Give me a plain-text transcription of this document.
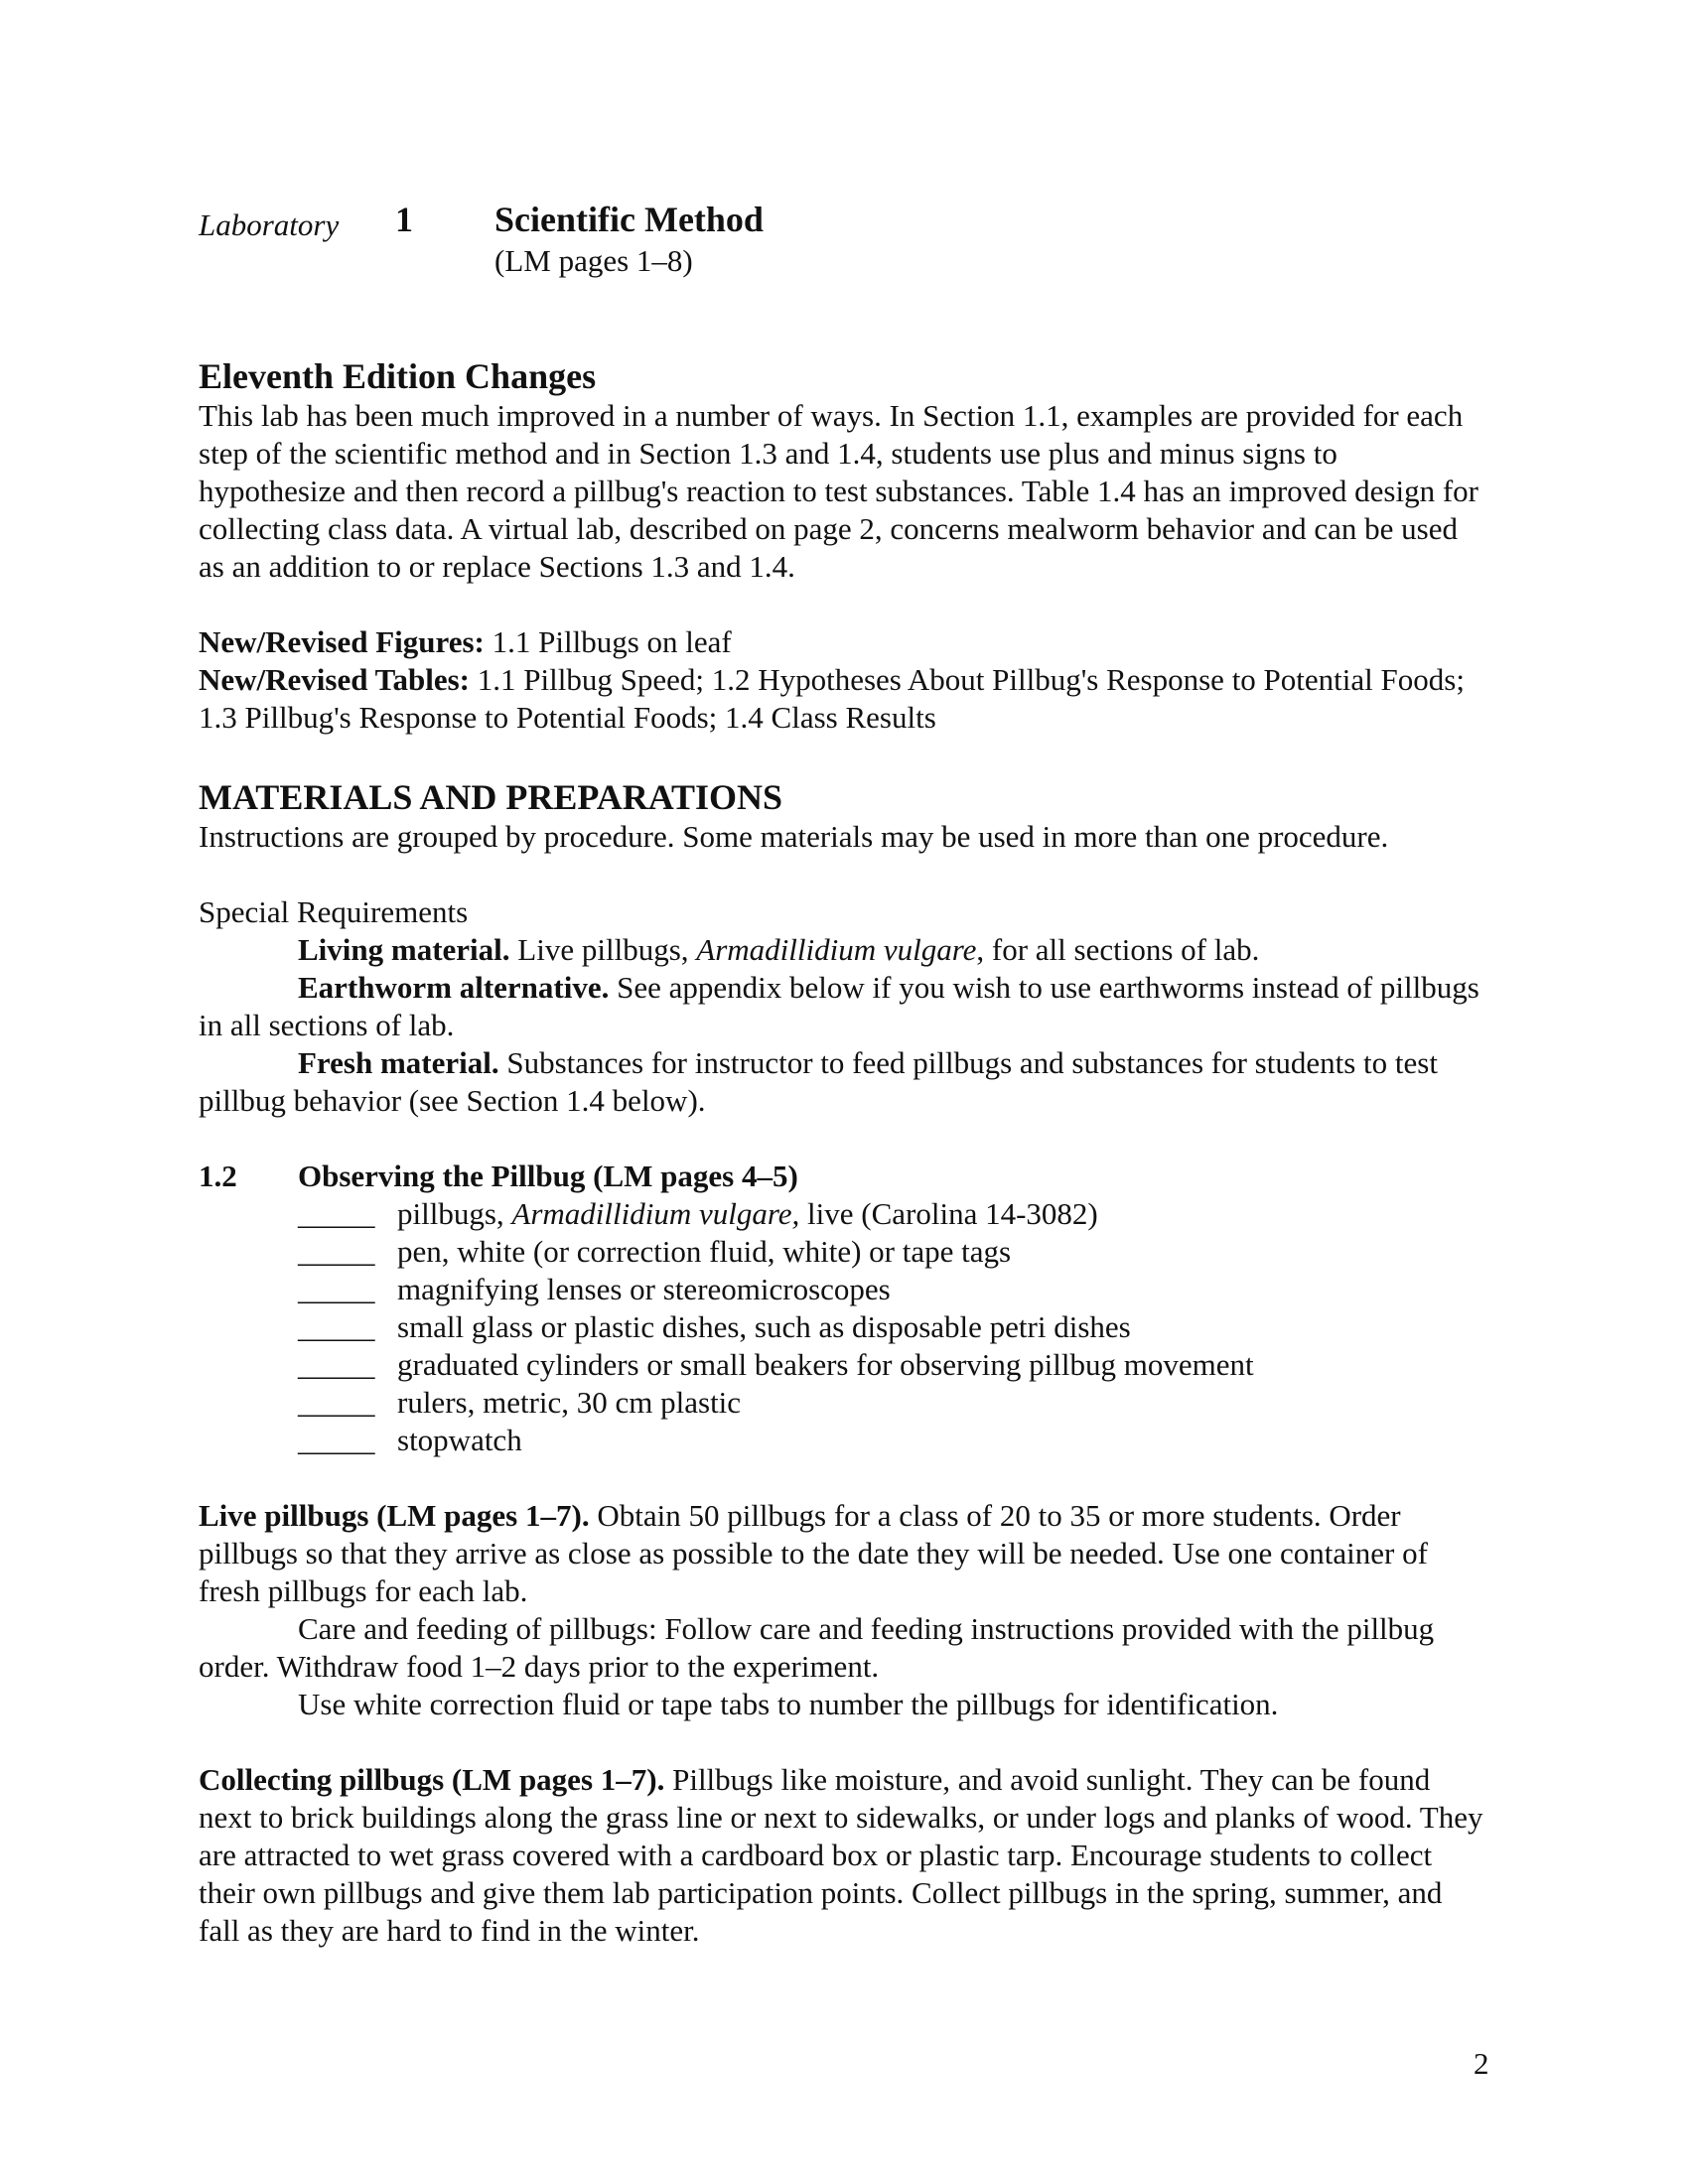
Laboratory 1 Scientific Method
(LM pages 1–8)
Eleventh Edition Changes

This lab has been much improved in a number of ways. In Section 1.1, examples are provided for each step of the scientific method and in Section 1.3 and 1.4, students use plus and minus signs to hypothesize and then record a pillbug's reaction to test substances. Table 1.4 has an improved design for collecting class data. A virtual lab, described on page 2, concerns mealworm behavior and can be used as an addition to or replace Sections 1.3 and 1.4.

New/Revised Figures: 1.1 Pillbugs on leaf

New/Revised Tables: 1.1 Pillbug Speed; 1.2 Hypotheses About Pillbug's Response to Potential Foods; 1.3 Pillbug's Response to Potential Foods; 1.4 Class Results

MATERIALS AND PREPARATIONS

Instructions are grouped by procedure. Some materials may be used in more than one procedure.

Special Requirements

Living material. Live pillbugs, Armadillidium vulgare, for all sections of lab.

Earthworm alternative. See appendix below if you wish to use earthworms instead of pillbugs in all sections of lab.

Fresh material. Substances for instructor to feed pillbugs and substances for students to test pillbug behavior (see Section 1.4 below).

1.2	Observing the Pillbug (LM pages 4–5)
_____ pillbugs, Armadillidium vulgare, live (Carolina 14-3082)
_____ pen, white (or correction fluid, white) or tape tags
_____ magnifying lenses or stereomicroscopes
_____ small glass or plastic dishes, such as disposable petri dishes
_____ graduated cylinders or small beakers for observing pillbug movement
_____ rulers, metric, 30 cm plastic
_____ stopwatch

Live pillbugs (LM pages 1–7). Obtain 50 pillbugs for a class of 20 to 35 or more students. Order pillbugs so that they arrive as close as possible to the date they will be needed. Use one container of fresh pillbugs for each lab.

Care and feeding of pillbugs: Follow care and feeding instructions provided with the pillbug order. Withdraw food 1–2 days prior to the experiment.

Use white correction fluid or tape tabs to number the pillbugs for identification.

Collecting pillbugs (LM pages 1–7). Pillbugs like moisture, and avoid sunlight. They can be found next to brick buildings along the grass line or next to sidewalks, or under logs and planks of wood. They are attracted to wet grass covered with a cardboard box or plastic tarp. Encourage students to collect their own pillbugs and give them lab participation points. Collect pillbugs in the spring, summer, and fall as they are hard to find in the winter.

2
